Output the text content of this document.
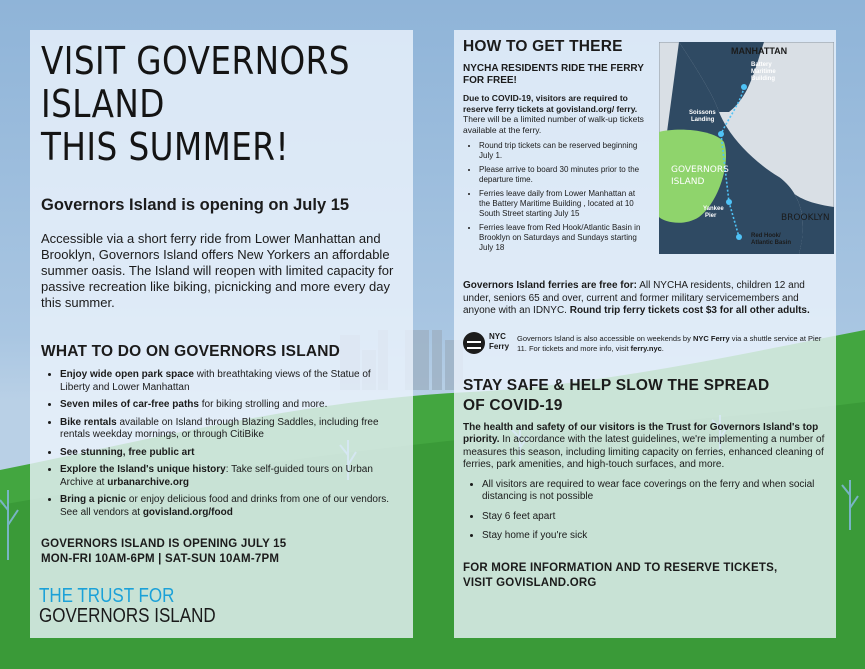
VISIT GOVERNORS ISLAND
THIS SUMMER!
Governors Island is opening on July 15

Accessible via a short ferry ride from Lower Manhattan and Brooklyn, Governors Island offers New Yorkers an affordable summer oasis. The Island will reopen with limited capacity for passive recreation like biking, picnicking and more every day this summer.

WHAT TO DO ON GOVERNORS ISLAND
• Enjoy wide open park space with breathtaking views of the Statue of Liberty and Lower Manhattan
• Seven miles of car-free paths for biking strolling and more.
• Bike rentals available on Island through Blazing Saddles, including free rentals weekday mornings, or through CitiBike
• See stunning, free public art
• Explore the Island's unique history: Take self-guided tours on Urban Archive at urbanarchive.org
• Bring a picnic or enjoy delicious food and drinks from one of our vendors. See all vendors at govisland.org/food
GOVERNORS ISLAND IS OPENING JULY 15
MON-FRI 10AM-6PM | SAT-SUN 10AM-7PM
THE TRUST FOR
GOVERNORS ISLAND
HOW TO GET THERE
NYCHA RESIDENTS RIDE THE FERRY FOR FREE!
Due to COVID-19, visitors are required to reserve ferry tickets at govisland.org/ ferry. There will be a limited number of walk-up tickets available at the ferry.
• Round trip tickets can be reserved beginning July 1.
• Please arrive to board 30 minutes prior to the departure time.
• Ferries leave daily from Lower Manhattan at the Battery Maritime Building , located at 10 South Street starting July 15
• Ferries leave from Red Hook/Atlantic Basin in Brooklyn on Saturdays and Sundays starting July 18
MANHATTAN
Battery Maritime Building
Soissons Landing
GOVERNORS ISLAND
Yankee Pier	BROOKLYN
Red Hook/ Atlantic Basin
Governors Island ferries are free for: All NYCHA residents, children 12 and under, seniors 65 and over, current and former military servicemembers and anyone with an IDNYC. Round trip ferry tickets cost $3 for all other adults.
NYC
Ferry
Governors Island is also accessible on weekends by NYC Ferry via a shuttle service at Pier 11. For tickets and more info, visit ferry.nyc.
STAY SAFE & HELP SLOW THE SPREAD
OF COVID-19
The health and safety of our visitors is the Trust for Governors Island's top priority. In accordance with the latest guidelines, we're implementing a number of measures this season, including limiting capacity on ferries, enhanced cleaning of ferries, park amenities, and high-touch surfaces, and more.
• All visitors are required to wear face coverings on the ferry and when social distancing is not possible
• Stay 6 feet apart
• Stay home if you're sick
FOR MORE INFORMATION AND TO RESERVE TICKETS,
VISIT GOVISLAND.ORG
